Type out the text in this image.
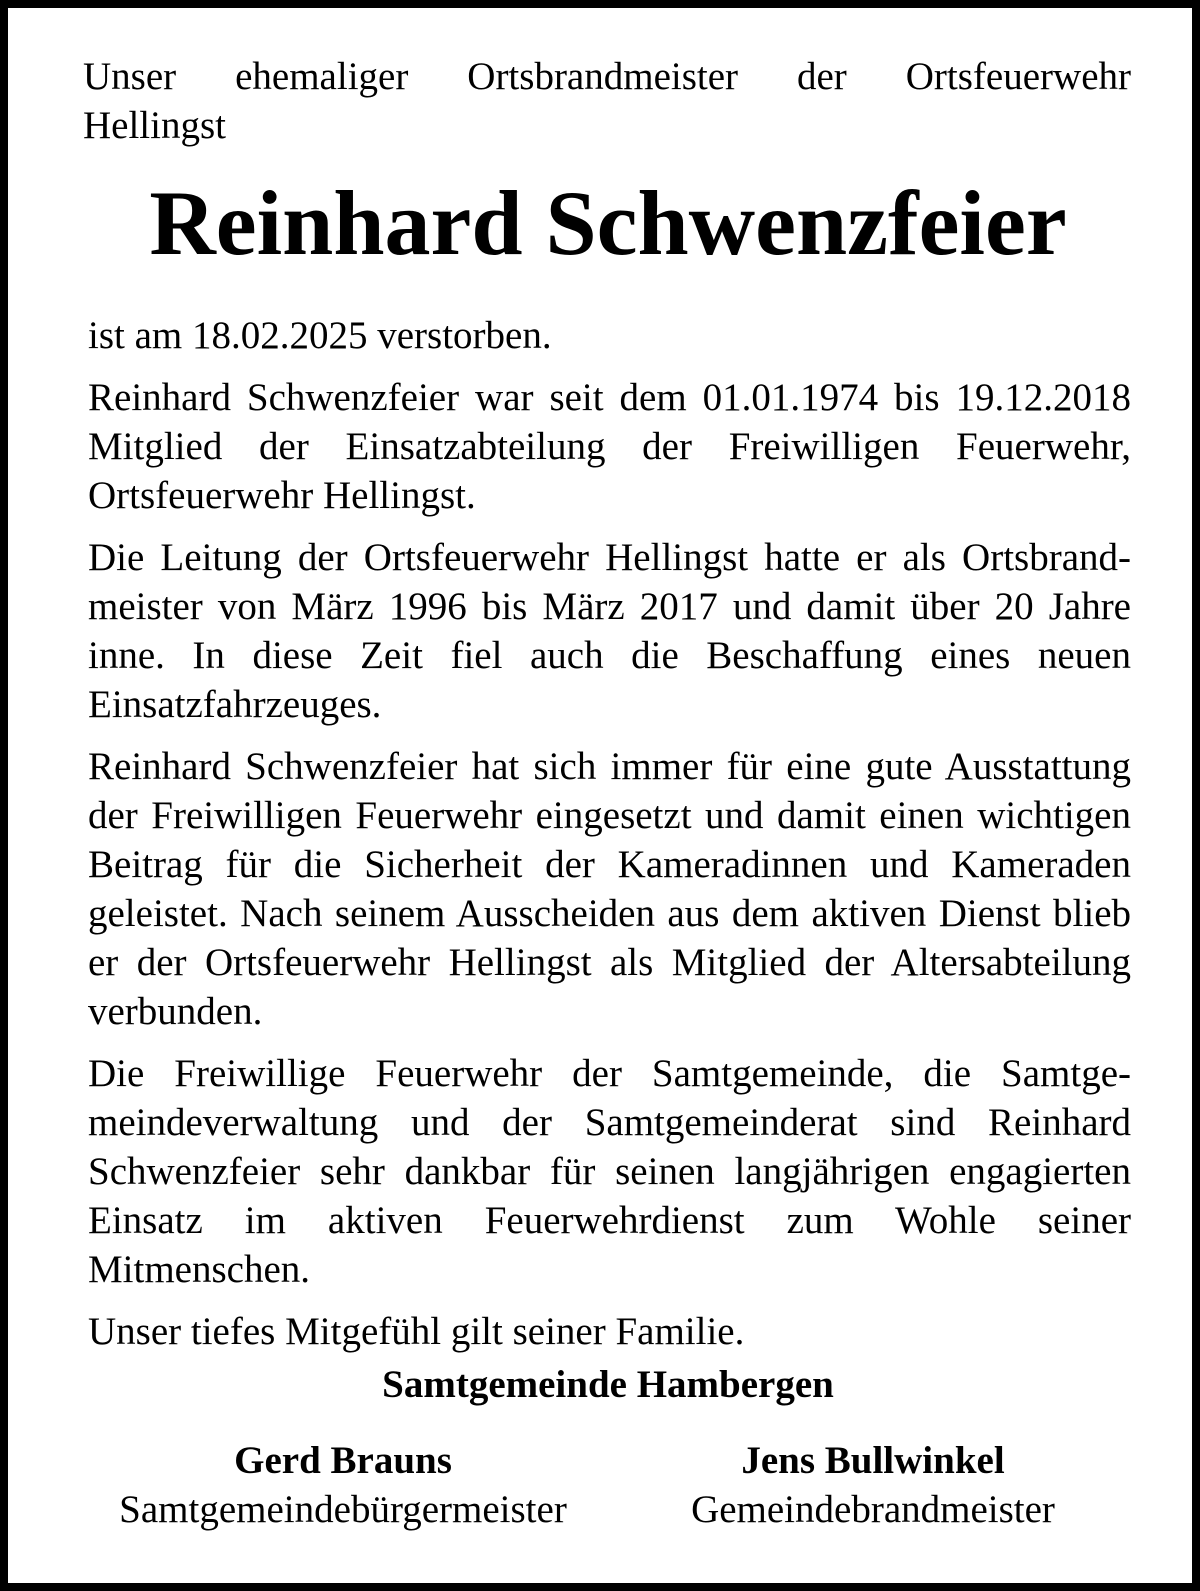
Unser ehemaliger Ortsbrandmeister der Ortsfeuerwehr
Hellingst
Reinhard Schwenzfeier

ist am 18.02.2025 verstorben.

Reinhard Schwenzfeier war seit dem 01.01.1974 bis 19.12.2018 Mitglied der Einsatzabteilung der Freiwilligen Feuerwehr, Ortsfeuerwehr Hellingst.

Die Leitung der Ortsfeuerwehr Hellingst hatte er als Ortsbrandmeister von März 1996 bis März 2017 und damit über 20 Jahre inne. In diese Zeit fiel auch die Beschaffung eines neuen Einsatzfahrzeuges.

Reinhard Schwenzfeier hat sich immer für eine gute Ausstattung der Freiwilligen Feuerwehr eingesetzt und damit einen wichtigen Beitrag für die Sicherheit der Kameradinnen und Kameraden geleistet. Nach seinem Ausscheiden aus dem aktiven Dienst blieb er der Ortsfeuerwehr Hellingst als Mitglied der Altersabteilung verbunden.

Die Freiwillige Feuerwehr der Samtgemeinde, die Samtgemeindeverwaltung und der Samtgemeinderat sind Reinhard Schwenzfeier sehr dankbar für seinen langjährigen engagierten Einsatz im aktiven Feuerwehrdienst zum Wohle seiner Mitmenschen.

Unser tiefes Mitgefühl gilt seiner Familie.

Samtgemeinde Hambergen
Gerd Brauns
Samtgemeindebürgermeister
Jens Bullwinkel
Gemeindebrandmeister
